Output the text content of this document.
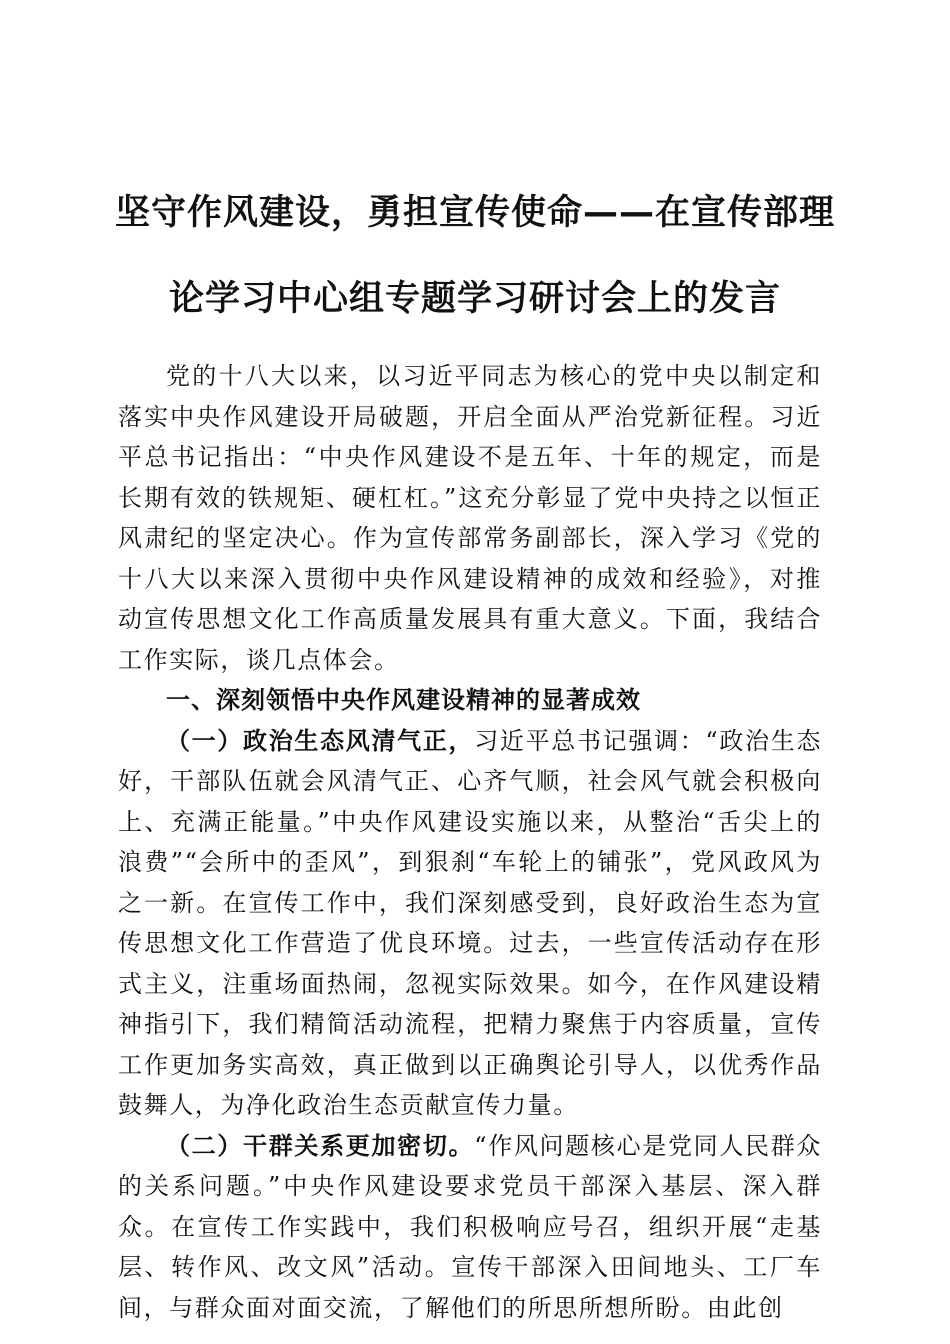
坚守作风建设，勇担宣传使命——在宣传部理
论学习中心组专题学习研讨会上的发言

党的十八大以来，以习近平同志为核心的党中央以制定和落实中央作风建设开局破题，开启全面从严治党新征程。习近平总书记指出：“中央作风建设不是五年、十年的规定，而是长期有效的铁规矩、硬杠杠。”这充分彰显了党中央持之以恒正风肃纪的坚定决心。作为宣传部常务副部长，深入学习《党的十八大以来深入贯彻中央作风建设精神的成效和经验》，对推动宣传思想文化工作高质量发展具有重大意义。下面，我结合工作实际，谈几点体会。

一、深刻领悟中央作风建设精神的显著成效

（一）政治生态风清气正，习近平总书记强调：“政治生态好，干部队伍就会风清气正、心齐气顺，社会风气就会积极向上、充满正能量。”中央作风建设实施以来，从整治“舌尖上的浪费”“会所中的歪风”，到狠刹“车轮上的铺张”，党风政风为之一新。在宣传工作中，我们深刻感受到，良好政治生态为宣传思想文化工作营造了优良环境。过去，一些宣传活动存在形式主义，注重场面热闹，忽视实际效果。如今，在作风建设精神指引下，我们精简活动流程，把精力聚焦于内容质量，宣传工作更加务实高效，真正做到以正确舆论引导人，以优秀作品鼓舞人，为净化政治生态贡献宣传力量。

（二）干群关系更加密切。“作风问题核心是党同人民群众的关系问题。”中央作风建设要求党员干部深入基层、深入群众。在宣传工作实践中，我们积极响应号召，组织开展“走基层、转作风、改文风”活动。宣传干部深入田间地头、工厂车间，与群众面对面交流，了解他们的所思所想所盼。由此创
